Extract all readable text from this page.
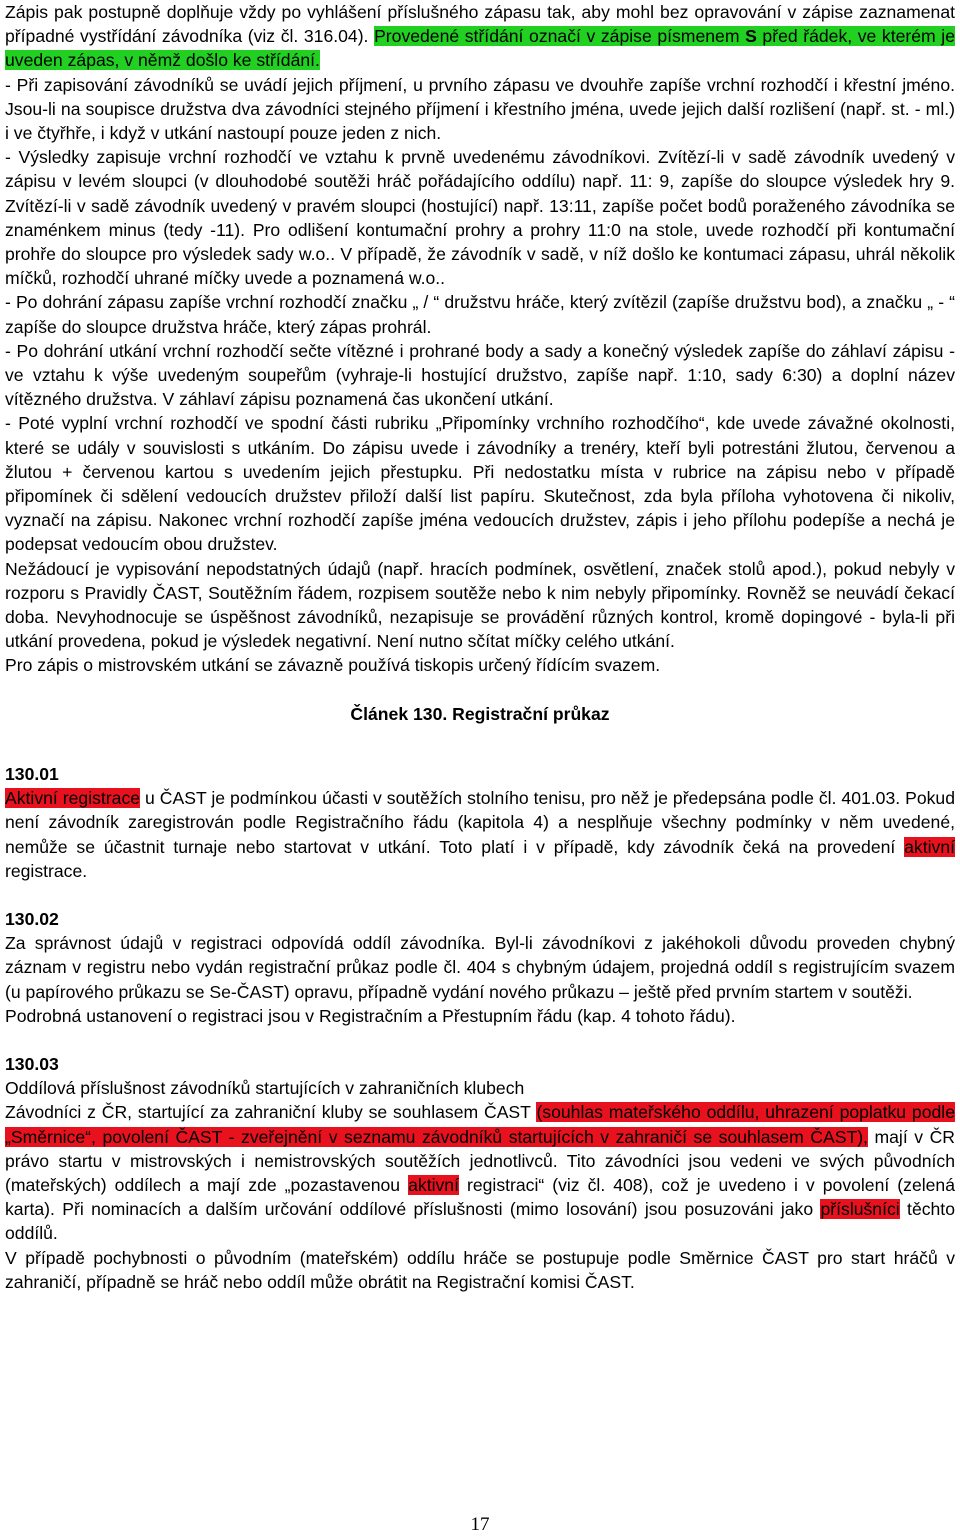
Zápis pak postupně doplňuje vždy po vyhlášení příslušného zápasu tak, aby mohl bez opravování v zápise zaznamenat případné vystřídání závodníka (viz čl. 316.04). Provedené střídání označí v zápise písmenem S před řádek, ve kterém je uveden zápas, v němž došlo ke střídání.

- Při zapisování závodníků se uvádí jejich příjmení, u prvního zápasu ve dvouhře zapíše vrchní rozhodčí i křestní jméno. Jsou-li na soupisce družstva dva závodníci stejného příjmení i křestního jména, uvede jejich další rozlišení (např. st. - ml.) i ve čtyřhře, i když v utkání nastoupí pouze jeden z nich.

- Výsledky zapisuje vrchní rozhodčí ve vztahu k prvně uvedenému závodníkovi. Zvítězí-li v sadě závodník uvedený v zápisu v levém sloupci (v dlouhodobé soutěži hráč pořádajícího oddílu) např. 11: 9, zapíše do sloupce výsledek hry 9. Zvítězí-li v sadě závodník uvedený v pravém sloupci (hostující) např. 13:11, zapíše počet bodů poraženého závodníka se znaménkem minus (tedy -11). Pro odlišení kontumační prohry a prohry 11:0 na stole, uvede rozhodčí při kontumační prohře do sloupce pro výsledek sady w.o.. V případě, že závodník v sadě, v níž došlo ke kontumaci zápasu, uhrál několik míčků, rozhodčí uhrané míčky uvede a poznamená w.o..

- Po dohrání zápasu zapíše vrchní rozhodčí značku „ / “ družstvu hráče, který zvítězil (zapíše družstvu bod), a značku „ - “ zapíše do sloupce družstva hráče, který zápas prohrál.

- Po dohrání utkání vrchní rozhodčí sečte vítězné i prohrané body a sady a konečný výsledek zapíše do záhlaví zápisu - ve vztahu k výše uvedeným soupeřům (vyhraje-li hostující družstvo, zapíše např. 1:10, sady 6:30) a doplní název vítězného družstva. V záhlaví zápisu poznamená čas ukončení utkání.

- Poté vyplní vrchní rozhodčí ve spodní části rubriku „Připomínky vrchního rozhodčího“, kde uvede závažné okolnosti, které se udály v souvislosti s utkáním. Do zápisu uvede i závodníky a trenéry, kteří byli potrestáni žlutou, červenou a žlutou + červenou kartou s uvedením jejich přestupku. Při nedostatku místa v rubrice na zápisu nebo v případě připomínek či sdělení vedoucích družstev přiloží další list papíru. Skutečnost, zda byla příloha vyhotovena či nikoliv, vyznačí na zápisu. Nakonec vrchní rozhodčí zapíše jména vedoucích družstev, zápis i jeho přílohu podepíše a nechá je podepsat vedoucím obou družstev.

Nežádoucí je vypisování nepodstatných údajů (např. hracích podmínek, osvětlení, značek stolů apod.), pokud nebyly v rozporu s Pravidly ČAST, Soutěžním řádem, rozpisem soutěže nebo k nim nebyly připomínky. Rovněž se neuvádí čekací doba. Nevyhodnocuje se úspěšnost závodníků, nezapisuje se provádění různých kontrol, kromě dopingové - byla-li při utkání provedena, pokud je výsledek negativní. Není nutno sčítat míčky celého utkání.

Pro zápis o mistrovském utkání se závazně používá tiskopis určený řídícím svazem.

Článek 130. Registrační průkaz

130.01

Aktivní registrace u ČAST je podmínkou účasti v soutěžích stolního tenisu, pro něž je předepsána podle čl. 401.03. Pokud není závodník zaregistrován podle Registračního řádu (kapitola 4) a nesplňuje všechny podmínky v něm uvedené, nemůže se účastnit turnaje nebo startovat v utkání. Toto platí i v případě, kdy závodník čeká na provedení aktivní registrace.

130.02

Za správnost údajů v registraci odpovídá oddíl závodníka. Byl-li závodníkovi z jakéhokoli důvodu proveden chybný záznam v registru nebo vydán registrační průkaz podle čl. 404 s chybným údajem, projedná oddíl s registrujícím svazem (u papírového průkazu se Se-ČAST) opravu, případně vydání nového průkazu – ještě před prvním startem v soutěži.

Podrobná ustanovení o registraci jsou v Registračním a Přestupním řádu (kap. 4 tohoto řádu).

130.03

Oddílová příslušnost závodníků startujících v zahraničních klubech

Závodníci z ČR, startující za zahraniční kluby se souhlasem ČAST (souhlas mateřského oddílu, uhrazení poplatku podle „Směrnice“, povolení ČAST - zveřejnění v seznamu závodníků startujících v zahraničí se souhlasem ČAST), mají v ČR právo startu v mistrovských i nemistrovských soutěžích jednotlivců. Tito závodníci jsou vedeni ve svých původních (mateřských) oddílech a mají zde „pozastavenou aktivní registraci“ (viz čl. 408), což je uvedeno i v povolení (zelená karta). Při nominacích a dalším určování oddílové příslušnosti (mimo losování) jsou posuzováni jako příslušníci těchto oddílů.

V případě pochybnosti o původním (mateřském) oddílu hráče se postupuje podle Směrnice ČAST pro start hráčů v zahraničí, případně se hráč nebo oddíl může obrátit na Registrační komisi ČAST.

17
